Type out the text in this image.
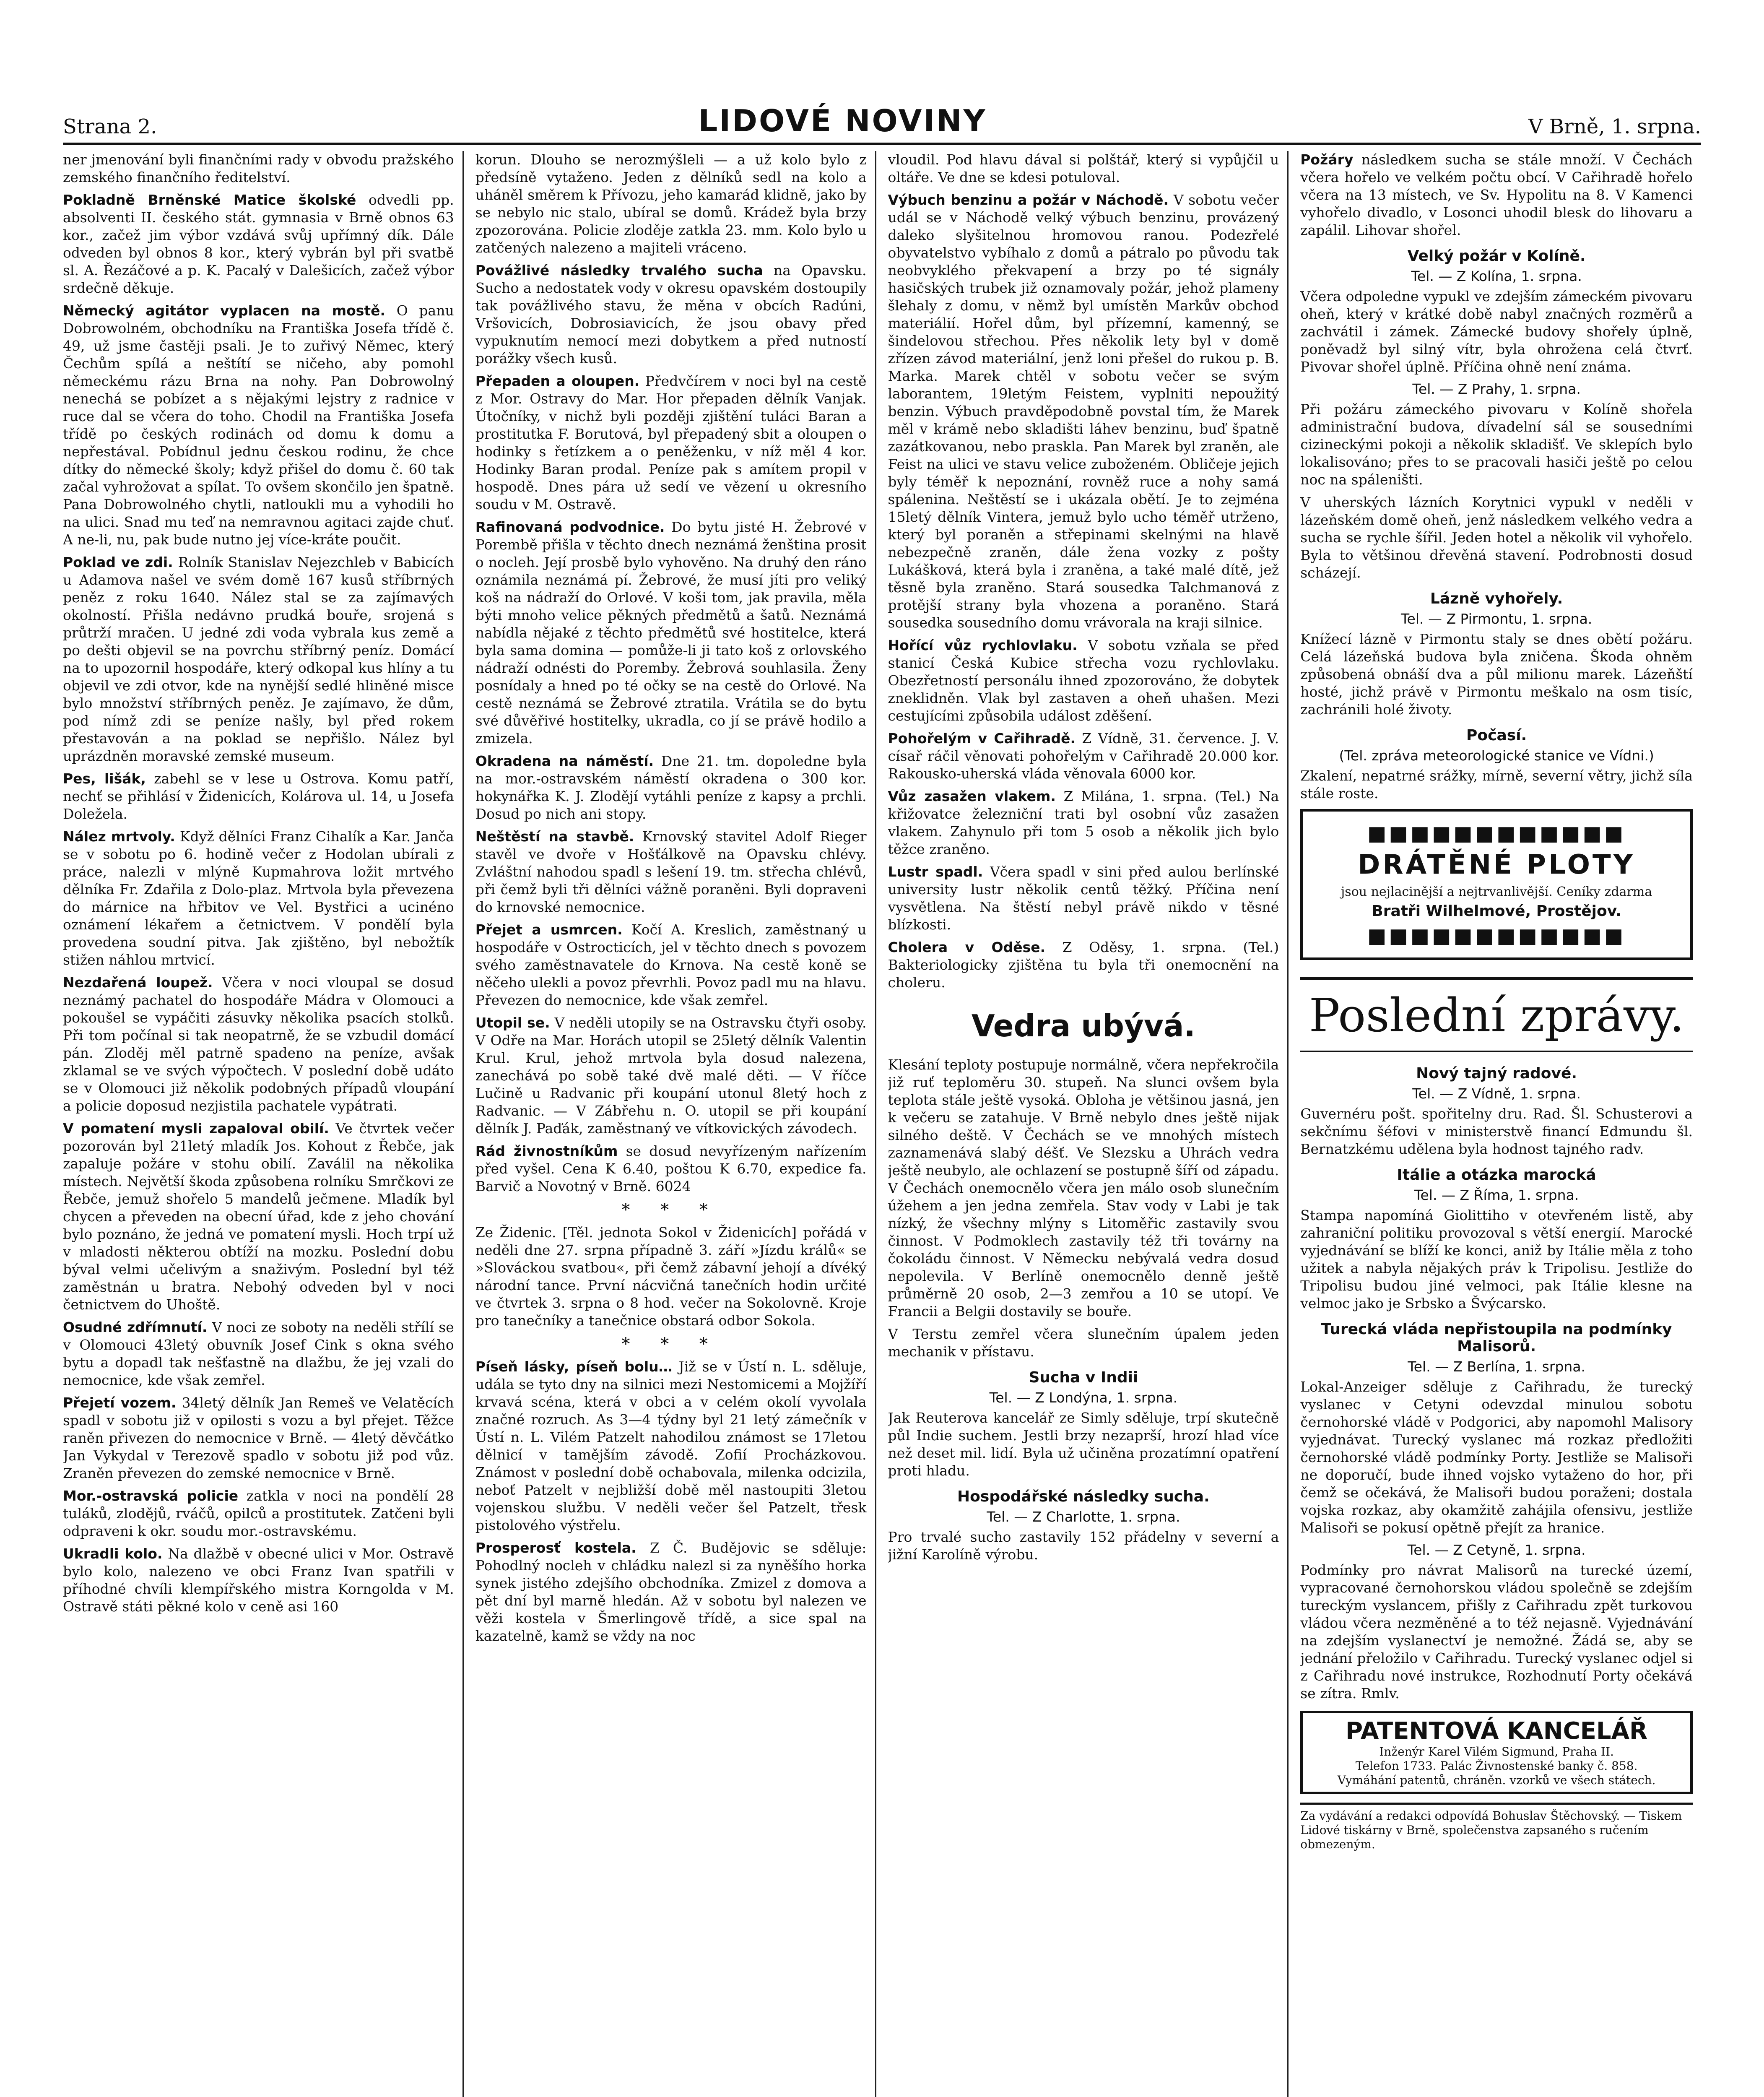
Strana 2.	LIDOVÉ NOVINY	V Brně, 1. srpna.

ner jmenování byli finančními rady v obvodu pražského zemského finančního ředitelství.

Pokladně Brněnské Matice školské odvedli pp. absolventi II. českého stát. gymnasia v Brně obnos 63 kor., začež jim výbor vzdává svůj upřímný dík. Dále odveden byl obnos 8 kor., který vybrán byl při svatbě sl. A. Řezáčové a p. K. Pacalý v Dalešicích, začež výbor srdečně děkuje.

Německý agitátor vyplacen na mostě. O panu Dobrowolném, obchodníku na Františka Josefa třídě č. 49, už jsme častěji psali. Je to zuřivý Němec, který Čechům spílá a neštítí se ničeho, aby pomohl německému rázu Brna na nohy. Pan Dobrowolný nenechá se pobízet a s nějakými lejstry z radnice v ruce dal se včera do toho. Chodil na Františka Josefa třídě po českých rodinách od domu k domu a nepřestával. Pobídnul jednu českou rodinu, že chce dítky do německé školy; když přišel do domu č. 60 tak začal vyhrožovat a spílat. To ovšem skončilo jen špatně. Pana Dobrowolného chytli, natloukli mu a vyhodili ho na ulici. Snad mu teď na nemravnou agitaci zajde chuť. A ne-li, nu, pak bude nutno jej více-kráte poučit.

Poklad ve zdi. Rolník Stanislav Nejezchleb v Babicích u Adamova našel ve svém domě 167 kusů stříbrných peněz z roku 1640. Nález stal se za zajímavých okolností. Přišla nedávno prudká bouře, srojená s průtrží mračen. U jedné zdi voda vybrala kus země a po dešti objevil se na povrchu stříbrný peníz. Domácí na to upozornil hospodáře, který odkopal kus hlíny a tu objevil ve zdi otvor, kde na nynější sedlé hliněné misce bylo množství stříbrných peněz. Je zajímavo, že dům, pod nímž zdi se peníze našly, byl před rokem přestavován a na poklad se nepřišlo. Nález byl uprázdněn moravské zemské museum.

Pes, lišák, zabehl se v lese u Ostrova. Komu patří, nechť se přihlásí v Židenicích, Kolárova ul. 14, u Josefa Doležela.

Nález mrtvoly. Když dělníci Franz Cihalík a Kar. Janča se v sobotu po 6. hodině večer z Hodolan ubírali z práce, nalezli v mlýně Kupmahrova ložit mrtvého dělníka Fr. Zdařila z Dolo-plaz. Mrtvola byla převezena do márnice na hřbitov ve Vel. Bystřici a ucinéno oznámení lékařem a četnictvem. V pondělí byla provedena soudní pitva. Jak zjištěno, byl nebožtík stižen náhlou mrtvicí.

Nezdařená loupež. Včera v noci vloupal se dosud neznámý pachatel do hospodáře Mádra v Olomouci a pokoušel se vypáčiti zásuvky několika psacích stolků. Při tom počínal si tak neopatrně, že se vzbudil domácí pán. Zloděj měl patrně spadeno na peníze, avšak zklamal se ve svých výpočtech. V poslední době udáto se v Olomouci již několik podobných případů vloupání a policie doposud nezjistila pachatele vypátrati.

V pomatení mysli zapaloval obilí. Ve čtvrtek večer pozorován byl 21letý mladík Jos. Kohout z Řebče, jak zapaluje požáre v stohu obilí. Zaválil na několika místech. Největší škoda způsobena rolníku Smrčkovi ze Řebče, jemuž shořelo 5 mandelů ječmene. Mladík byl chycen a převeden na obecní úřad, kde z jeho chování bylo poznáno, že jedná ve pomatení mysli. Hoch trpí už v mladosti některou obtíží na mozku. Poslední dobu býval velmi učelivým a snaživým. Poslední byl též zaměstnán u bratra. Nebohý odveden byl v noci četnictvem do Uhoště.

Osudné zdřímnutí. V noci ze soboty na neděli střílí se v Olomouci 43letý obuvník Josef Cink s okna svého bytu a dopadl tak nešťastně na dlažbu, že jej vzali do nemocnice, kde však zemřel.

Přejetí vozem. 34letý dělník Jan Remeš ve Velatěcích spadl v sobotu již v opilosti s vozu a byl přejet. Těžce raněn přivezen do nemocnice v Brně. — 4letý děvčátko Jan Vykydal v Terezově spadlo v sobotu již pod vůz. Zraněn převezen do zemské nemocnice v Brně.

Mor.-ostravská policie zatkla v noci na pondělí 28 tuláků, zlodějů, rváčů, opilců a prostitutek. Zatčeni byli odpraveni k okr. soudu mor.-ostravskému.

Ukradli kolo. Na dlažbě v obecné ulici v Mor. Ostravě bylo kolo, nalezeno ve obci Franz Ivan spatřili v příhodné chvíli klempířského mistra Korngolda v M. Ostravě státi pěkné kolo v ceně asi 160

korun. Dlouho se nerozmýšleli — a už kolo bylo z předsíně vytaženo. Jeden z dělníků sedl na kolo a uháněl směrem k Přívozu, jeho kamarád klidně, jako by se nebylo nic stalo, ubíral se domů. Krádež byla brzy zpozorována. Policie zloděje zatkla 23. mm. Kolo bylo u zatčených nalezeno a majiteli vráceno.

Povážlivé následky trvalého sucha na Opavsku. Sucho a nedostatek vody v okresu opavském dostoupily tak povážlivého stavu, že měna v obcích Radúni, Vršovicích, Dobrosiavicích, že jsou obavy před vypuknutím nemocí mezi dobytkem a před nutností porážky všech kusů.

Přepaden a oloupen. Předvčírem v noci byl na cestě z Mor. Ostravy do Mar. Hor přepaden dělník Vanjak. Útočníky, v nichž byli později zjištění tuláci Baran a prostitutka F. Borutová, byl přepadený sbit a oloupen o hodinky s řetízkem a o peněženku, v níž měl 4 kor. Hodinky Baran prodal. Peníze pak s amítem propil v hospodě. Dnes pára už sedí ve vězení u okresního soudu v M. Ostravě.

Rafinovaná podvodnice. Do bytu jisté H. Žebrové v Porembě přišla v těchto dnech neznámá ženština prosit o nocleh. Její prosbě bylo vyhověno. Na druhý den ráno oznámila neznámá pí. Žebrové, že musí jíti pro veliký koš na nádraží do Orlové. V koši tom, jak pravila, měla býti mnoho velice pěkných předmětů a šatů. Neznámá nabídla nějaké z těchto předmětů své hostitelce, která byla sama domina — pomůže-li ji tato koš z orlovského nádraží odnésti do Poremby. Žebrová souhlasila. Ženy posnídaly a hned po té očky se na cestě do Orlové. Na cestě neznámá se Žebrové ztratila. Vrátila se do bytu své důvěřivé hostitelky, ukradla, co jí se právě hodilo a zmizela.

Okradena na náměstí. Dne 21. tm. dopoledne byla na mor.-ostravském náměstí okradena o 300 kor. hokynářka K. J. Zlodějí vytáhli peníze z kapsy a prchli. Dosud po nich ani stopy.

Neštěstí na stavbě. Krnovský stavitel Adolf Rieger stavěl ve dvoře v Hošťálkově na Opavsku chlévy. Zvláštní nahodou spadl s lešení 19. tm. střecha chlévů, při čemž byli tři dělníci vážně poraněni. Byli dopraveni do krnovské nemocnice.

Přejet a usmrcen. Kočí A. Kreslich, zaměstnaný u hospodáře v Ostrocticích, jel v těchto dnech s povozem svého zaměstnavatele do Krnova. Na cestě koně se něčeho ulekli a povoz převrhli. Povoz padl mu na hlavu. Převezen do nemocnice, kde však zemřel.

Utopil se. V neděli utopily se na Ostravsku čtyři osoby. V Odře na Mar. Horách utopil se 25letý dělník Valentin Krul. Krul, jehož mrtvola byla dosud nalezena, zanechává po sobě také dvě malé děti. — V říčce Lučině u Radvanic při koupání utonul 8letý hoch z Radvanic. — V Zábřehu n. O. utopil se při koupání dělník J. Paďák, zaměstnaný ve vítkovických závodech.

Rád živnostníkům se dosud nevyřízeným nařízením před vyšel. Cena K 6.40, poštou K 6.70, expedice fa. Barvič a Novotný v Brně. 6024

* * *

Ze Židenic. [Těl. jednota Sokol v Židenicích] pořádá v neděli dne 27. srpna případně 3. září »Jízdu králů« se »Slováckou svatbou«, při čemž zábavní jehojí a dívéký národní tance. První nácvičná tanečních hodin určité ve čtvrtek 3. srpna o 8 hod. večer na Sokolovně. Kroje pro tanečníky a tanečnice obstará odbor Sokola.

* * *

Píseň lásky, píseň bolu… Již se v Ústí n. L. sděluje, udála se tyto dny na silnici mezi Nestomicemi a Mojžíří krvavá scéna, která v obci a v celém okolí vyvolala značné rozruch. As 3—4 týdny byl 21 letý zámečník v Ústí n. L. Vilém Patzelt nahodilou známost se 17letou dělnicí v tamějším závodě. Zofií Procházkovou. Známost v poslední době ochabovala, milenka odcizila, neboť Patzelt v nejbližší době měl nastoupiti 3letou vojenskou službu. V neděli večer šel Patzelt, třesk pistolového výstřelu.

Prosperosť kostela. Z Č. Budějovic se sděluje: Pohodlný nocleh v chládku nalezl si za nyněšího horka synek jistého zdejšího obchodníka. Zmizel z domova a pět dní byl marně hledán. Až v sobotu byl nalezen ve věži kostela v Šmerlingově třídě, a sice spal na kazatelně, kamž se vždy na noc

vloudil. Pod hlavu dával si polštář, který si vypůjčil u oltáře. Ve dne se kdesi potuloval.

Výbuch benzinu a požár v Náchodě. V sobotu večer udál se v Náchodě velký výbuch benzinu, provázený daleko slyšitelnou hromovou ranou. Podezřelé obyvatelstvo vybíhalo z domů a pátralo po původu tak neobvyklého překvapení a brzy po té signály hasičských trubek již oznamovaly požár, jehož plameny šlehaly z domu, v němž byl umístěn Markův obchod materiálií. Hořel dům, byl přízemní, kamenný, se šindelovou střechou. Přes několik lety byl v domě zřízen závod materiální, jenž loni přešel do rukou p. B. Marka. Marek chtěl v sobotu večer se svým laborantem, 19letým Feistem, vyplniti nepoužitý benzin. Výbuch pravděpodobně povstal tím, že Marek měl v krámě nebo skladišti láhev benzinu, buď špatně zazátkovanou, nebo praskla. Pan Marek byl zraněn, ale Feist na ulici ve stavu velice zuboženém. Obličeje jejich byly téměř k nepoznání, rovněž ruce a nohy samá spálenina. Neštěstí se i ukázala obětí. Je to zejména 15letý dělník Vintera, jemuž bylo ucho téměř utrženo, který byl poraněn a střepinami skelnými na hlavě nebezpečně zraněn, dále žena vozky z pošty Lukášková, která byla i zraněna, a také malé dítě, jež těsně byla zraněno. Stará sousedka Talchmanová z protější strany byla vhozena a poraněno. Stará sousedka sousedního domu vrávorala na kraji silnice.

Hořící vůz rychlovlaku. V sobotu vzňala se před stanicí Česká Kubice střecha vozu rychlovlaku. Obezřetností personálu ihned zpozorováno, že dobytek zneklidněn. Vlak byl zastaven a oheň uhašen. Mezi cestujícími způsobila událost zděšení.

Pohořelým v Cařihradě. Z Vídně, 31. července. J. V. císař ráčil věnovati pohořelým v Cařihradě 20.000 kor. Rakousko-uherská vláda věnovala 6000 kor.

Vůz zasažen vlakem. Z Milána, 1. srpna. (Tel.) Na křižovatce železniční trati byl osobní vůz zasažen vlakem. Zahynulo při tom 5 osob a několik jich bylo těžce zraněno.

Lustr spadl. Včera spadl v sini před aulou berlínské university lustr několik centů těžký. Příčina není vysvětlena. Na štěstí nebyl právě nikdo v těsné blízkosti.

Cholera v Oděse. Z Oděsy, 1. srpna. (Tel.) Bakteriologicky zjištěna tu byla tři onemocnění na choleru.

Vedra ubývá.

Klesání teploty postupuje normálně, včera nepřekročila již ruť teploměru 30. stupeň. Na slunci ovšem byla teplota stále ještě vysoká. Obloha je většinou jasná, jen k večeru se zatahuje. V Brně nebylo dnes ještě nijak silného deště. V Čechách se ve mnohých místech zaznamenává slabý déšť. Ve Slezsku a Uhrách vedra ještě neubylo, ale ochlazení se postupně šíří od západu. V Čechách onemocnělo včera jen málo osob slunečním úžehem a jen jedna zemřela. Stav vody v Labi je tak nízký, že všechny mlýny s Litoměřic zastavily svou činnost. V Podmoklech zastavily též tři továrny na čokoládu činnost. V Německu nebývalá vedra dosud nepolevila. V Berlíně onemocnělo denně ještě průměrně 20 osob, 2—3 zemřou a 10 se utopí. Ve Francii a Belgii dostavily se bouře.

V Terstu zemřel včera slunečním úpalem jeden mechanik v přístavu.

Sucha v Indii
Tel. — Z Londýna, 1. srpna.

Jak Reuterova kancelář ze Simly sděluje, trpí skutečně půl Indie suchem. Jestli brzy nezaprší, hrozí hlad více než deset mil. lidí. Byla už učiněna prozatímní opatření proti hladu.

Hospodářské následky sucha.
Tel. — Z Charlotte, 1. srpna.

Pro trvalé sucho zastavily 152 přádelny v severní a jižní Karolíně výrobu.

Požáry následkem sucha se stále množí. V Čechách včera hořelo ve velkém počtu obcí. V Cařihradě hořelo včera na 13 místech, ve Sv. Hypolitu na 8. V Kamenci vyhořelo divadlo, v Losonci uhodil blesk do lihovaru a zapálil. Lihovar shořel.

Velký požár v Kolíně.
Tel. — Z Kolína, 1. srpna.

Včera odpoledne vypukl ve zdejším zámeckém pivovaru oheň, který v krátké době nabyl značných rozměrů a zachvátil i zámek. Zámecké budovy shořely úplně, poněvadž byl silný vítr, byla ohrožena celá čtvrť. Pivovar shořel úplně. Příčina ohně není známa.

Tel. — Z Prahy, 1. srpna.

Při požáru zámeckého pivovaru v Kolíně shořela administrační budova, dívadelní sál se sousedními cizineckými pokoji a několik skladišť. Ve sklepích bylo lokalisováno; přes to se pracovali hasiči ještě po celou noc na spáleništi.

V uherských lázních Korytnici vypukl v neděli v lázeňském domě oheň, jenž následkem velkého vedra a sucha se rychle šířil. Jeden hotel a několik vil vyhořelo. Byla to většinou dřevěná stavení. Podrobnosti dosud scházejí.

Lázně vyhořely.
Tel. — Z Pirmontu, 1. srpna.

Knížecí lázně v Pirmontu staly se dnes obětí požáru. Celá lázeňská budova byla zničena. Škoda ohněm způsobená obnáší dva a půl milionu marek. Lázeňští hosté, jichž právě v Pirmontu meškalo na osm tisíc, zachránili holé životy.

Počasí.
(Tel. zpráva meteorologické stanice ve Vídni.)

Zkalení, nepatrné srážky, mírně, severní větry, jichž síla stále roste.

■■■■■■■■■■■■
DRÁTĚNÉ PLOTY
jsou nejlacinější a nejtrvanlivější. Ceníky zdarma
Bratři Wilhelmové, Prostějov.
■■■■■■■■■■■■
Poslední zprávy.
Nový tajný radové.
Tel. — Z Vídně, 1. srpna.

Guvernéru pošt. spořitelny dru. Rad. Šl. Schusterovi a sekčnímu šéfovi v ministerstvě financí Edmundu šl. Bernatzkému udělena byla hodnost tajného radv.

Itálie a otázka marocká
Tel. — Z Říma, 1. srpna.

Stampa napomíná Giolittiho v otevřeném listě, aby zahraniční politiku provozoval s větší energií. Marocké vyjednávání se blíží ke konci, aniž by Itálie měla z toho užitek a nabyla nějakých práv k Tripolisu. Jestliže do Tripolisu budou jiné velmoci, pak Itálie klesne na velmoc jako je Srbsko a Švýcarsko.

Turecká vláda nepřistoupila na podmínky Malisorů.
Tel. — Z Berlína, 1. srpna.

Lokal-Anzeiger sděluje z Cařihradu, že turecký vyslanec v Cetyni odevzdal minulou sobotu černohorské vládě v Podgorici, aby napomohl Malisory vyjednávat. Turecký vyslanec má rozkaz předložiti černohorské vládě podmínky Porty. Jestliže se Malisoři ne doporučí, bude ihned vojsko vytaženo do hor, při čemž se očekává, že Malisoři budou poraženi; dostala vojska rozkaz, aby okamžitě zahájila ofensivu, jestliže Malisoři se pokusí opětně přejít za hranice.

Tel. — Z Cetyně, 1. srpna.

Podmínky pro návrat Malisorů na turecké území, vypracované černohorskou vládou společně se zdejším tureckým vyslancem, přišly z Cařihradu zpět turkovou vládou včera nezměněné a to též nejasně. Vyjednávání na zdejším vyslanectví je nemožné. Žádá se, aby se jednání přeložilo v Cařihradu. Turecký vyslanec odjel si z Cařihradu nové instrukce, Rozhodnutí Porty očekává se zítra. Rmlv.

PATENTOVÁ KANCELÁŘ
Inženýr Karel Vilém Sigmund, Praha II.
Telefon 1733. Palác Živnostenské banky č. 858.
Vymáhání patentů, chráněn. vzorků ve všech státech.
Za vydávání a redakci odpovídá Bohuslav Štěchovský. — Tiskem Lidové tiskárny v Brně, společenstva zapsaného s ručením obmezeným.
